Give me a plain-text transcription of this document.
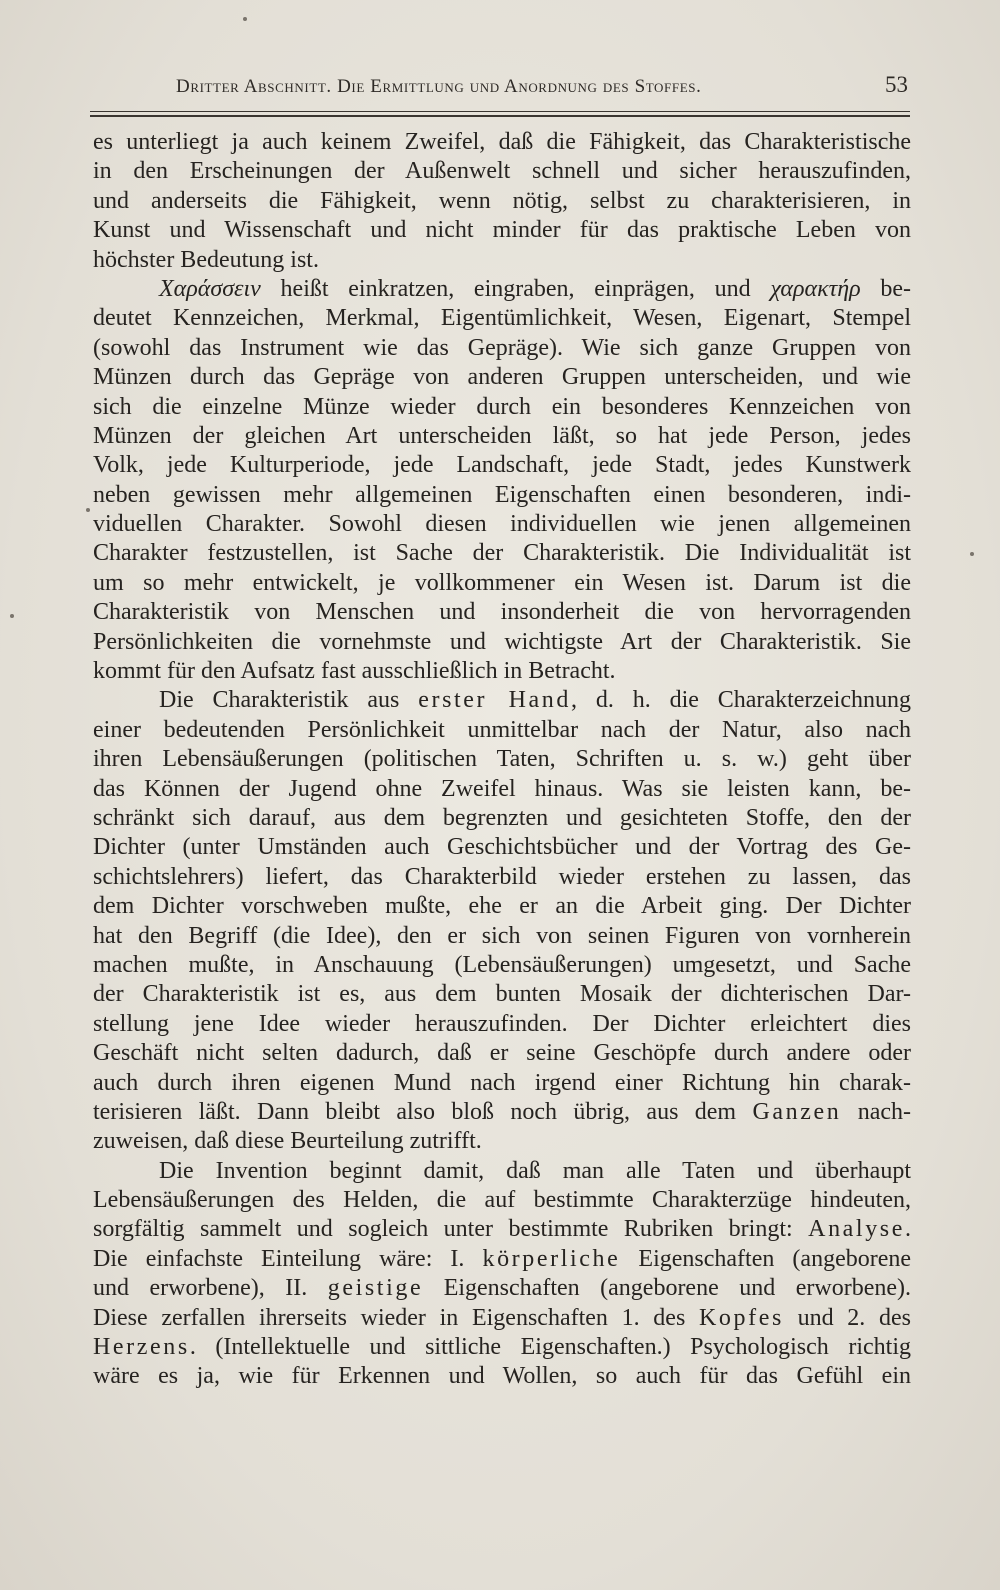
Dritter Abschnitt. Die Ermittlung und Anordnung des Stoffes.	53
es unterliegt ja auch keinem Zweifel, daß die Fähigkeit, das Charakteristische
in den Erscheinungen der Außenwelt schnell und sicher herauszufinden,
und anderseits die Fähigkeit, wenn nötig, selbst zu charakterisieren, in
Kunst und Wissenschaft und nicht minder für das praktische Leben von
höchster Bedeutung ist.
Χαράσσειν heißt einkratzen, eingraben, einprägen, und χαρακτήρ be-
deutet Kennzeichen, Merkmal, Eigentümlichkeit, Wesen, Eigenart, Stempel
(sowohl das Instrument wie das Gepräge). Wie sich ganze Gruppen von
Münzen durch das Gepräge von anderen Gruppen unterscheiden, und wie
sich die einzelne Münze wieder durch ein besonderes Kennzeichen von
Münzen der gleichen Art unterscheiden läßt, so hat jede Person, jedes
Volk, jede Kulturperiode, jede Landschaft, jede Stadt, jedes Kunstwerk
neben gewissen mehr allgemeinen Eigenschaften einen besonderen, indi-
viduellen Charakter. Sowohl diesen individuellen wie jenen allgemeinen
Charakter festzustellen, ist Sache der Charakteristik. Die Individualität ist
um so mehr entwickelt, je vollkommener ein Wesen ist. Darum ist die
Charakteristik von Menschen und insonderheit die von hervorragenden
Persönlichkeiten die vornehmste und wichtigste Art der Charakteristik. Sie
kommt für den Aufsatz fast ausschließlich in Betracht.
Die Charakteristik aus erster Hand, d. h. die Charakterzeichnung
einer bedeutenden Persönlichkeit unmittelbar nach der Natur, also nach
ihren Lebensäußerungen (politischen Taten, Schriften u. s. w.) geht über
das Können der Jugend ohne Zweifel hinaus. Was sie leisten kann, be-
schränkt sich darauf, aus dem begrenzten und gesichteten Stoffe, den der
Dichter (unter Umständen auch Geschichtsbücher und der Vortrag des Ge-
schichtslehrers) liefert, das Charakterbild wieder erstehen zu lassen, das
dem Dichter vorschweben mußte, ehe er an die Arbeit ging. Der Dichter
hat den Begriff (die Idee), den er sich von seinen Figuren von vornherein
machen mußte, in Anschauung (Lebensäußerungen) umgesetzt, und Sache
der Charakteristik ist es, aus dem bunten Mosaik der dichterischen Dar-
stellung jene Idee wieder herauszufinden. Der Dichter erleichtert dies
Geschäft nicht selten dadurch, daß er seine Geschöpfe durch andere oder
auch durch ihren eigenen Mund nach irgend einer Richtung hin charak-
terisieren läßt. Dann bleibt also bloß noch übrig, aus dem Ganzen nach-
zuweisen, daß diese Beurteilung zutrifft.
Die Invention beginnt damit, daß man alle Taten und überhaupt
Lebensäußerungen des Helden, die auf bestimmte Charakterzüge hindeuten,
sorgfältig sammelt und sogleich unter bestimmte Rubriken bringt: Analyse.
Die einfachste Einteilung wäre: I. körperliche Eigenschaften (angeborene
und erworbene), II. geistige Eigenschaften (angeborene und erworbene).
Diese zerfallen ihrerseits wieder in Eigenschaften 1. des Kopfes und 2. des
Herzens. (Intellektuelle und sittliche Eigenschaften.) Psychologisch richtig
wäre es ja, wie für Erkennen und Wollen, so auch für das Gefühl ein
